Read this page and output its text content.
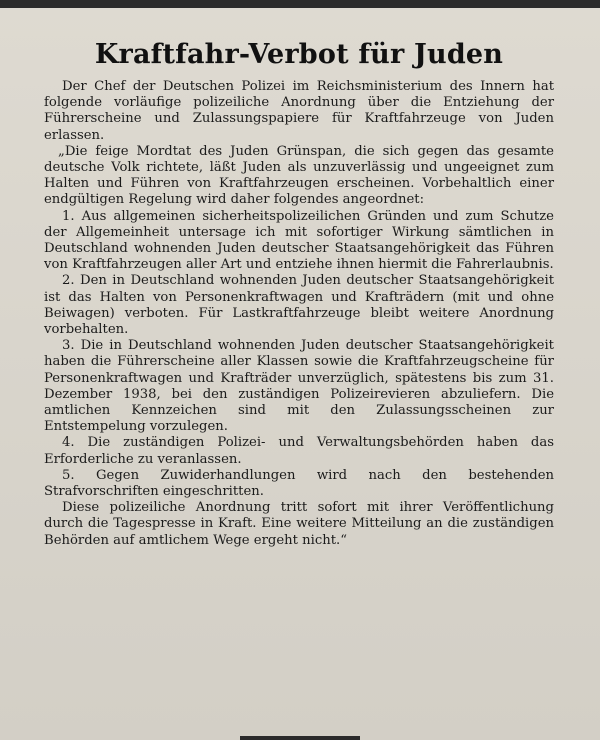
Kraftfahr-Verbot für Juden

Der Chef der Deutschen Polizei im Reichsministerium des Innern hat folgende vorläufige polizeiliche Anordnung über die Entziehung der Führerscheine und Zulassungspapiere für Kraftfahrzeuge von Juden erlassen.

„Die feige Mordtat des Juden Grünspan, die sich gegen das gesamte deutsche Volk richtete, läßt Juden als unzuverlässig und ungeeignet zum Halten und Führen von Kraftfahrzeugen erscheinen. Vorbehaltlich einer endgültigen Regelung wird daher folgendes angeordnet:

1. Aus allgemeinen sicherheitspolizeilichen Gründen und zum Schutze der Allgemeinheit untersage ich mit sofortiger Wirkung sämtlichen in Deutschland wohnenden Juden deutscher Staatsangehörigkeit das Führen von Kraftfahrzeugen aller Art und entziehe ihnen hiermit die Fahrerlaubnis.

2. Den in Deutschland wohnenden Juden deutscher Staatsangehörigkeit ist das Halten von Personenkraftwagen und Krafträdern (mit und ohne Beiwagen) verboten. Für Lastkraftfahrzeuge bleibt weitere Anordnung vorbehalten.

3. Die in Deutschland wohnenden Juden deutscher Staatsangehörigkeit haben die Führerscheine aller Klassen sowie die Kraftfahrzeugscheine für Personenkraftwagen und Krafträder unverzüglich, spätestens bis zum 31. Dezember 1938, bei den zuständigen Polizeirevieren abzuliefern. Die amtlichen Kennzeichen sind mit den Zulassungsscheinen zur Entstempelung vorzulegen.

4. Die zuständigen Polizei- und Verwaltungsbehörden haben das Erforderliche zu veranlassen.

5. Gegen Zuwiderhandlungen wird nach den bestehenden Strafvorschriften eingeschritten.

Diese polizeiliche Anordnung tritt sofort mit ihrer Veröffentlichung durch die Tagespresse in Kraft. Eine weitere Mitteilung an die zuständigen Behörden auf amtlichem Wege ergeht nicht.“
